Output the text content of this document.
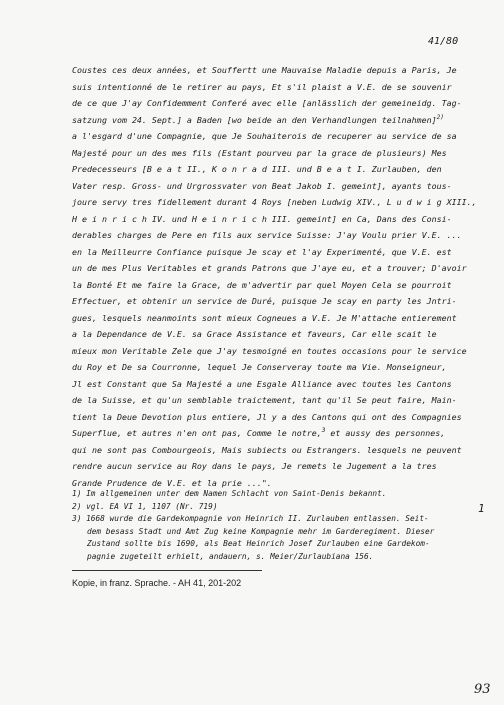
41/80
Coustes ces deux années, et Souffertt une Mauvaise Maladie depuis a Paris, Je
suis intentionné de le retirer au pays, Et s'il plaist a V.E. de se souvenir
de ce que J'ay Confidemment Conferé avec elle [anlässlich der gemeineidg. Tag-
satzung vom 24. Sept.] a Baden [wo beide an den Verhandlungen teilnahmen]$^{2)}$
a l'esgard d'une Compagnie, que Je Souhaiterois de recuperer au service de sa
Majesté pour un des mes fils (Estant pourveu par la grace de plusieurs) Mes
Predecesseurs [B e a t II., K o n r a d III. und B e a t I. Zurlauben, den
Vater resp. Gross- und Urgrossvater von Beat Jakob I. gemeint], ayants tous-
joure servy tres fidellement durant 4 Roys [neben Ludwig XIV., L u d w i g XIII.,
H e i n r i c h IV. und H e i n r i c h III. gemeint] en Ca, Dans des Consi-
derables charges de Pere en fils aux service Suisse: J'ay Voulu prier V.E. ...
en la Meilleurre Confiance puisque Je scay et l'ay Experimenté, que V.E. est
un de mes Plus Veritables et grands Patrons que J'aye eu, et a trouver; D'avoir
la Bonté Et me faire la Grace, de m'advertir par quel Moyen Cela se pourroit
Effectuer, et obtenir un service de Duré, puisque Je scay en party les Jntri-
gues, lesquels neanmoints sont mieux Cogneues a V.E. Je M'attache entierement
a la Dependance de V.E. sa Grace Assistance et faveurs, Car elle scait le
mieux mon Veritable Zele que J'ay tesmoigné en toutes occasions pour le service
du Roy et De sa Courronne, lequel Je Conserveray toute ma Vie. Monseigneur,
Jl est Constant que Sa Majesté a une Esgale Alliance avec toutes les Cantons
de la Suisse, et qu'un semblable traictement, tant qu'il Se peut faire, Main-
tient la Deue Devotion plus entiere, Jl y a des Cantons qui ont des Compagnies
Superflue, et autres n'en ont pas, Comme le notre,$^3$ et aussy des personnes,
qui ne sont pas Combourgeois, Mais subiects ou Estrangers. lesquels ne peuvent
rendre aucun service au Roy dans le pays, Je remets le Jugement a la tres
Grande Prudence de V.E. et la prie ...".
1) Im allgemeinen unter dem Namen Schlacht von Saint-Denis bekannt.
2) vgl. EA VI 1, 1107 (Nr. 719)
3) 1668 wurde die Gardekompagnie von Heinrich II. Zurlauben entlassen. Seit-
dem besass Stadt und Amt Zug keine Kompagnie mehr im Garderegiment. Dieser
Zustand sollte bis 1690, als Beat Heinrich Josef Zurlauben eine Gardekom-
pagnie zugeteilt erhielt, andauern, s. Meier/Zurlaubiana 156.
1
Kopie, in franz. Sprache. - AH 41, 201-202
93
